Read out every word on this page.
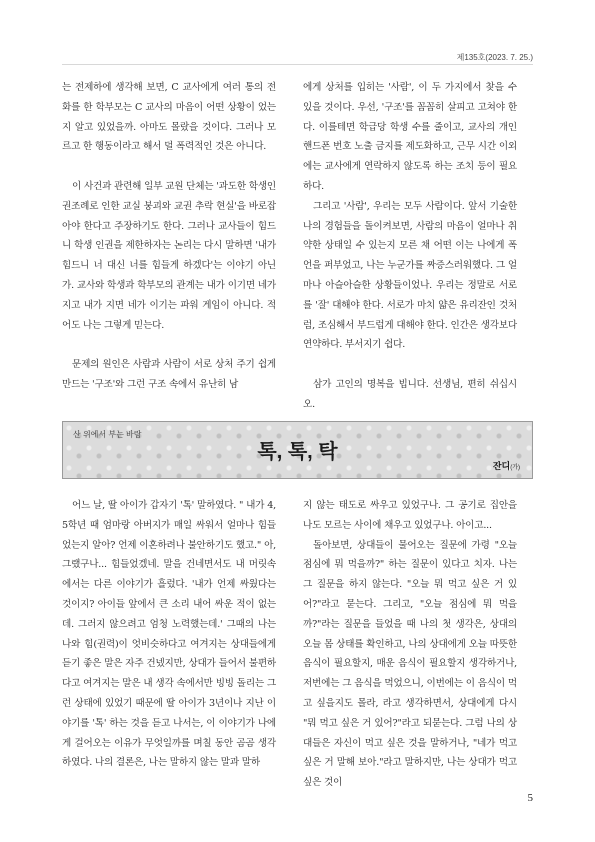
제135호(2023. 7. 25.)

는 전제하에 생각해 보면, C 교사에게 여러 통의 전화를 한 학부모는 C 교사의 마음이 어떤 상황이 었는지 알고 있었을까. 아마도 몰랐을 것이다. 그러나 모르고 한 행동이라고 해서 덜 폭력적인 것은 아니다.

이 사건과 관련해 일부 교원 단체는 '과도한 학생인권조례로 인한 교실 붕괴와 교권 추락 현실'을 바로잡아야 한다고 주장하기도 한다. 그러나 교사들이 힘드니 학생 인권을 제한하자는 논리는 다시 말하면 '내가 힘드니 너 대신 너를 힘들게 하겠다'는 이야기 아닌가. 교사와 학생과 학부모의 관계는 내가 이기면 네가 지고 내가 지면 네가 이기는 파워 게임이 아니다. 적어도 나는 그렇게 믿는다.

문제의 원인은 사람과 사람이 서로 상처 주기 쉽게 만드는 '구조'와 그런 구조 속에서 유난히 남

에게 상처를 입히는 '사람', 이 두 가지에서 찾을 수 있을 것이다. 우선, '구조'를 꼼꼼히 살피고 고쳐야 한다. 이를테면 학급당 학생 수를 줄이고, 교사의 개인 핸드폰 번호 노출 금지를 제도화하고, 근무 시간 이외에는 교사에게 연락하지 않도록 하는 조치 등이 필요하다.

그리고 '사람', 우리는 모두 사람이다. 앞서 기술한 나의 경험들을 돌이켜보면, 사람의 마음이 얼마나 취약한 상태일 수 있는지 모른 채 어떤 이는 나에게 폭언을 퍼부었고, 나는 누군가를 짜증스러워했다. 그 얼마나 아슬아슬한 상황들이었나. 우리는 정말로 서로를 '잘' 대해야 한다. 서로가 마치 얇은 유리잔인 것처럼, 조심해서 부드럽게 대해야 한다. 인간은 생각보다 연약하다. 부서지기 쉽다.

삼가 고인의 명복을 빕니다. 선생님, 편히 쉬십시오.

산 위에서 부는 바람
톡, 톡, 탁
잔디(가)

어느 날, 딸 아이가 갑자기 '톡' 말하였다. " 내가 4, 5학년 때 엄마랑 아버지가 매일 싸워서 얼마나 힘들었는지 알아? 언제 이혼하려나 불안하기도 했고." 아, 그랬구나... 힘들었겠네. 말을 건네면서도 내 머릿속에서는 다른 이야기가 흘렀다. '내가 언제 싸웠다는 것이지? 아이들 앞에서 큰 소리 내어 싸운 적이 없는데. 그러지 않으려고 엄청 노력했는데.' 그때의 나는 나와 힘(권력)이 엇비슷하다고 여겨지는 상대들에게 듣기 좋은 말은 자주 건넸지만, 상대가 들어서 불편하다고 여겨지는 말은 내 생각 속에서만 빙빙 돌리는 그런 상태에 있었기 때문에 딸 아이가 3년이나 지난 이야기를 '톡' 하는 것을 듣고 나서는, 이 이야기가 나에게 걸어오는 이유가 무엇일까를 며칠 동안 곰곰 생각하였다. 나의 결론은, 나는 말하지 않는 말과 말하

지 않는 태도로 싸우고 있었구나. 그 공기로 집안을 나도 모르는 사이에 채우고 있었구나. 아이고...

돌아보면, 상대들이 물어오는 질문에 가령 "오늘 점심에 뭐 먹을까?" 하는 질문이 있다고 치자. 나는 그 질문을 하지 않는다. "오늘 뭐 먹고 싶은 거 있어?"라고 묻는다. 그리고, "오늘 점심에 뭐 먹을까?"라는 질문을 들었을 때 나의 첫 생각은, 상대의 오늘 몸 상태를 확인하고, 나의 상대에게 오늘 따뜻한 음식이 필요할지, 매운 음식이 필요할지 생각하거나, 저번에는 그 음식을 먹었으니, 이번에는 이 음식이 먹고 싶을지도 몰라, 라고 생각하면서, 상대에게 다시 "뭐 먹고 싶은 거 있어?"라고 되묻는다. 그럼 나의 상대들은 자신이 먹고 싶은 것을 말하거나, "네가 먹고 싶은 거 말해 보아."라고 말하지만, 나는 상대가 먹고 싶은 것이

5
